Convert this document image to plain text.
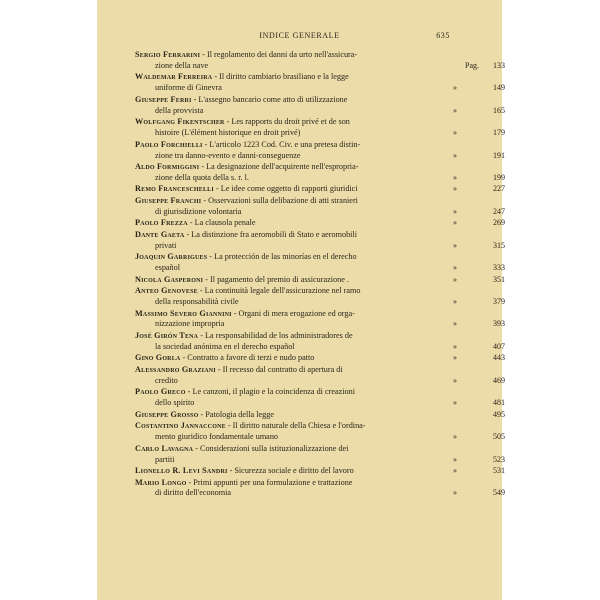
INDICE GENERALE	635
Sergio Ferrarini - Il regolamento dei danni da urto nell'assicura-
zione della nave	Pag.	133
Waldemar Ferreira - Il diritto cambiario brasiliano e la legge
uniforme di Ginevra	»	149
Giuseppe Ferri - L'assegno bancario come atto di utilizzazione
della provvista	»	165
Wolfgang Fikentscher - Les rapports du droit privé et de son
histoire (L'élément historique en droit privé)	»	179
Paolo Forchielli - L'articolo 1223 Cod. Civ. e una pretesa distin-
zione tra danno-evento e danni-conseguenze	»	191
Aldo Formiggini - La designazione dell'acquirente nell'espropria-
zione della quota della s. r. l.	»	199
Remo Franceschelli - Le idee come oggetto di rapporti giuridici	»	227
Giuseppe Franchi - Osservazioni sulla delibazione di atti stranieri
di giurisdizione volontaria	»	247
Paolo Frezza - La clausola penale	»	269
Dante Gaeta - La distinzione fra aeromobili di Stato e aeromobili
privati	»	315
Joaquin Garrigues - La protección de las minorías en el derecho
español	»	333
Nicola Gasperoni - Il pagamento del premio di assicurazione .	»	351
Anteo Genovese - La continuità legale dell'assicurazione nel ramo
della responsabilità civile	»	379
Massimo Severo Giannini - Organi di mera erogazione ed orga-
nizzazione impropria	»	393
José Girón Tena - La responsabilidad de los administradores de
la sociedad anónima en el derecho español	»	407
Gino Gorla - Contratto a favore di terzi e nudo patto	»	443
Alessandro Graziani - Il recesso dal contratto di apertura di
credito	»	469
Paolo Greco - Le canzoni, il plagio e la coincidenza di creazioni
dello spirito	»	481
Giuseppe Grosso - Patologia della legge	495
Costantino Jannaccone - Il diritto naturale della Chiesa e l'ordina-
mento giuridico fondamentale umano	»	505
Carlo Lavagna - Considerazioni sulla istituzionalizzazione dei
partiti	»	523
Lionello R. Levi Sandri - Sicurezza sociale e diritto del lavoro	»	531
Mario Longo - Primi appunti per una formulazione e trattazione
di diritto dell'economia	»	549
